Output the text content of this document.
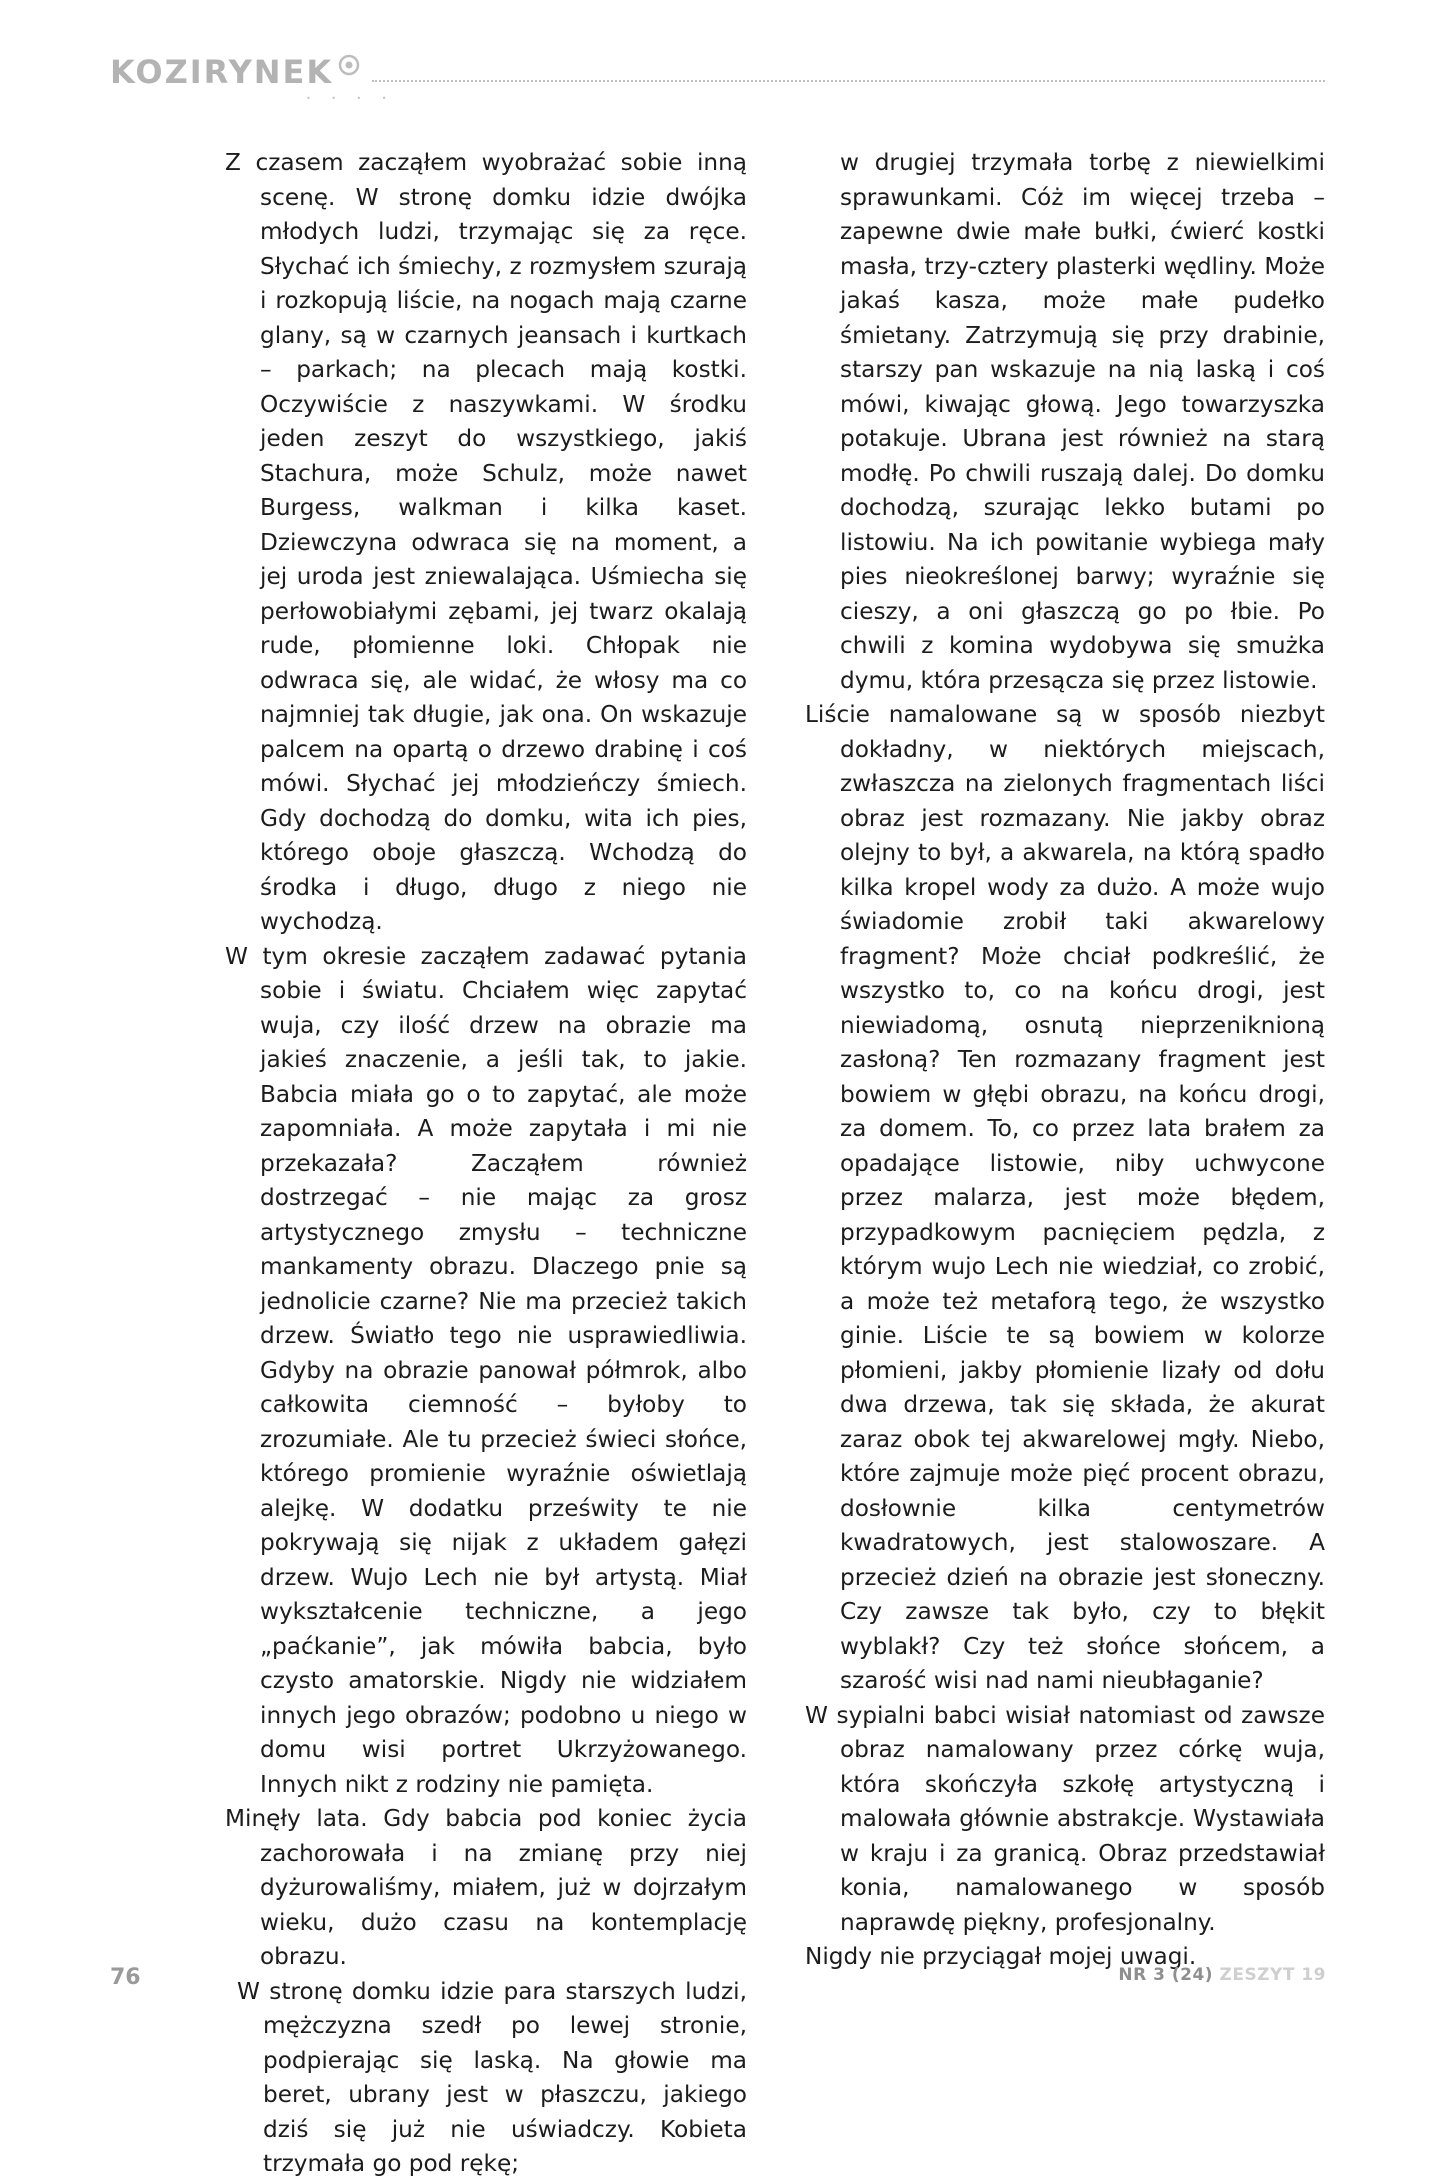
KOZIRYNEK
• • • •

Z czasem zacząłem wyobrażać sobie inną scenę. W stronę domku idzie dwójka młodych ludzi, trzymając się za ręce. Słychać ich śmiechy, z rozmysłem szurają i rozkopują liście, na nogach mają czarne glany, są w czarnych jeansach i kurtkach – parkach; na plecach mają kostki. Oczywiście z naszywkami. W środku jeden zeszyt do wszystkiego, jakiś Stachura, może Schulz, może nawet Burgess, walkman i kilka kaset. Dziewczyna odwraca się na moment, a jej uroda jest zniewalająca. Uśmiecha się perłowobiałymi zębami, jej twarz okalają rude, płomienne loki. Chłopak nie odwraca się, ale widać, że włosy ma co najmniej tak długie, jak ona. On wskazuje palcem na opartą o drzewo drabinę i coś mówi. Słychać jej młodzieńczy śmiech. Gdy dochodzą do domku, wita ich pies, którego oboje głaszczą. Wchodzą do środka i długo, długo z niego nie wychodzą.

W tym okresie zacząłem zadawać pytania sobie i światu. Chciałem więc zapytać wuja, czy ilość drzew na obrazie ma jakieś znaczenie, a jeśli tak, to jakie. Babcia miała go o to zapytać, ale może zapomniała. A może zapytała i mi nie przekazała? Zacząłem również dostrzegać – nie mając za grosz artystycznego zmysłu – techniczne mankamenty obrazu. Dlaczego pnie są jednolicie czarne? Nie ma przecież takich drzew. Światło tego nie usprawiedliwia. Gdyby na obrazie panował półmrok, albo całkowita ciemność – byłoby to zrozumiałe. Ale tu przecież świeci słońce, którego promienie wyraźnie oświetlają alejkę. W dodatku prześwity te nie pokrywają się nijak z układem gałęzi drzew. Wujo Lech nie był artystą. Miał wykształcenie techniczne, a jego „paćkanie”, jak mówiła babcia, było czysto amatorskie. Nigdy nie widziałem innych jego obrazów; podobno u niego w domu wisi portret Ukrzyżowanego. Innych nikt z rodziny nie pamięta.

Minęły lata. Gdy babcia pod koniec życia zachorowała i na zmianę przy niej dyżurowaliśmy, miałem, już w dojrzałym wieku, dużo czasu na kontemplację obrazu.

W stronę domku idzie para starszych ludzi, mężczyzna szedł po lewej stronie, podpierając się laską. Na głowie ma beret, ubrany jest w płaszczu, jakiego dziś się już nie uświadczy. Kobieta trzymała go pod rękę;

w drugiej trzymała torbę z niewielkimi sprawunkami. Cóż im więcej trzeba – zapewne dwie małe bułki, ćwierć kostki masła, trzy-cztery plasterki wędliny. Może jakaś kasza, może małe pudełko śmietany. Zatrzymują się przy drabinie, starszy pan wskazuje na nią laską i coś mówi, kiwając głową. Jego towarzyszka potakuje. Ubrana jest również na starą modłę. Po chwili ruszają dalej. Do domku dochodzą, szurając lekko butami po listowiu. Na ich powitanie wybiega mały pies nieokreślonej barwy; wyraźnie się cieszy, a oni głaszczą go po łbie. Po chwili z komina wydobywa się smużka dymu, która przesącza się przez listowie.

Liście namalowane są w sposób niezbyt dokładny, w niektórych miejscach, zwłaszcza na zielonych fragmentach liści obraz jest rozmazany. Nie jakby obraz olejny to był, a akwarela, na którą spadło kilka kropel wody za dużo. A może wujo świadomie zrobił taki akwarelowy fragment? Może chciał podkreślić, że wszystko to, co na końcu drogi, jest niewiadomą, osnutą nieprzeniknioną zasłoną? Ten rozmazany fragment jest bowiem w głębi obrazu, na końcu drogi, za domem. To, co przez lata brałem za opadające listowie, niby uchwycone przez malarza, jest może błędem, przypadkowym pacnięciem pędzla, z którym wujo Lech nie wiedział, co zrobić, a może też metaforą tego, że wszystko ginie. Liście te są bowiem w kolorze płomieni, jakby płomienie lizały od dołu dwa drzewa, tak się składa, że akurat zaraz obok tej akwarelowej mgły. Niebo, które zajmuje może pięć procent obrazu, dosłownie kilka centymetrów kwadratowych, jest stalowoszare. A przecież dzień na obrazie jest słoneczny. Czy zawsze tak było, czy to błękit wyblakł? Czy też słońce słońcem, a szarość wisi nad nami nieubłaganie?

W sypialni babci wisiał natomiast od zawsze obraz namalowany przez córkę wuja, która skończyła szkołę artystyczną i malowała głównie abstrakcje. Wystawiała w kraju i za granicą. Obraz przedstawiał konia, namalowanego w sposób naprawdę piękny, profesjonalny.

Nigdy nie przyciągał mojej uwagi.

76	NR 3 (24) ZESZYT 19
